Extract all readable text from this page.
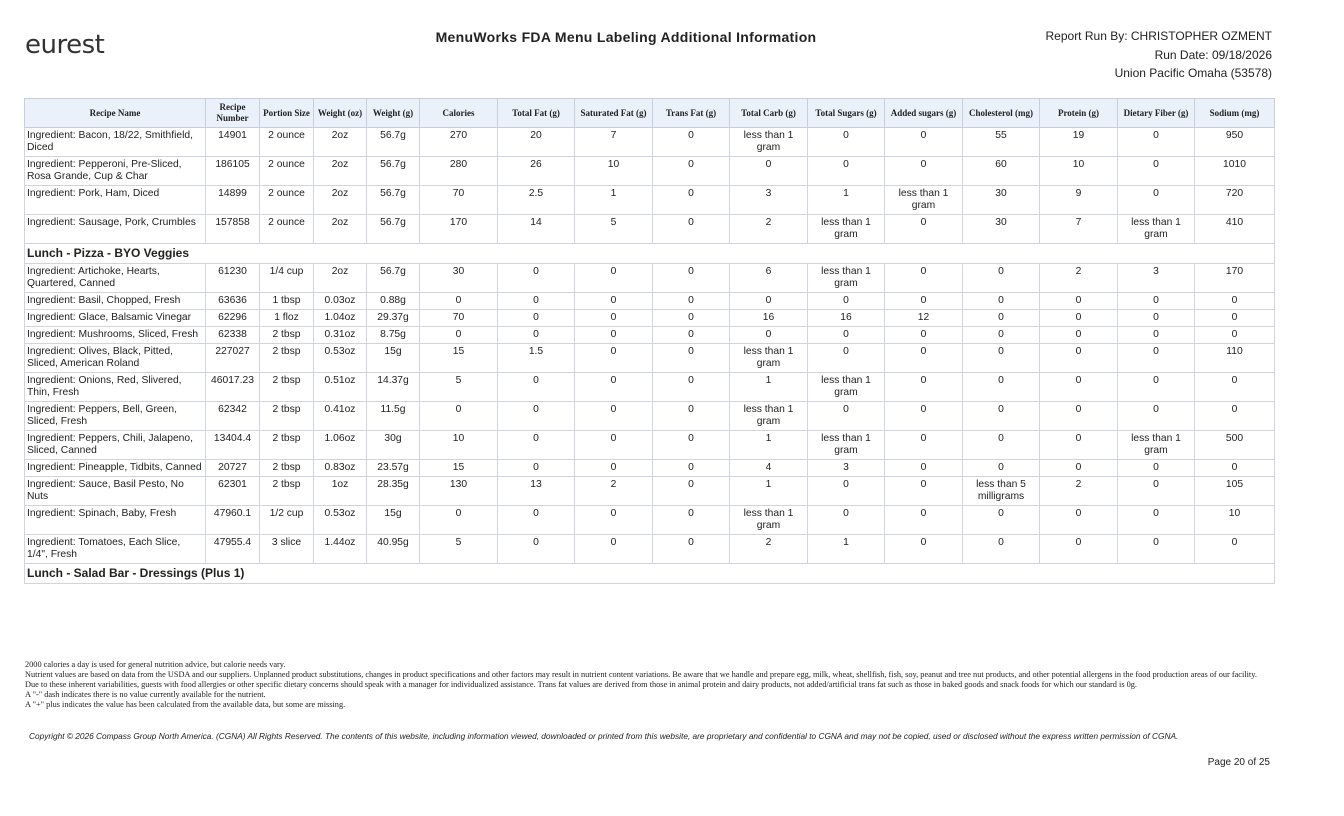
eurest	MenuWorks FDA Menu Labeling Additional Information	Report Run By: CHRISTOPHER OZMENT
Run Date: 09/18/2026
Union Pacific Omaha (53578)
Recipe Name	Recipe Number	Portion Size	Weight (oz)	Weight (g)	Calories	Total Fat (g)	Saturated Fat (g)	Trans Fat (g)	Total Carb (g)	Total Sugars (g)	Added sugars (g)	Cholesterol (mg)	Protein (g)	Dietary Fiber (g)	Sodium (mg)
Ingredient: Bacon, 18/22, Smithfield, Diced	14901	2 ounce	2oz	56.7g	270	20	7	0	less than 1 gram	0	0	55	19	0	950
Ingredient: Pepperoni, Pre-Sliced, Rosa Grande, Cup & Char	186105	2 ounce	2oz	56.7g	280	26	10	0	0	0	0	60	10	0	1010
Ingredient: Pork, Ham, Diced	14899	2 ounce	2oz	56.7g	70	2.5	1	0	3	1	less than 1 gram	30	9	0	720
Ingredient: Sausage, Pork, Crumbles	157858	2 ounce	2oz	56.7g	170	14	5	0	2	less than 1 gram	0	30	7	less than 1 gram	410
Lunch - Pizza - BYO Veggies															
Ingredient: Artichoke, Hearts, Quartered, Canned	61230	1/4 cup	2oz	56.7g	30	0	0	0	6	less than 1 gram	0	0	2	3	170
Ingredient: Basil, Chopped, Fresh	63636	1 tbsp	0.03oz	0.88g	0	0	0	0	0	0	0	0	0	0	0
Ingredient: Glace, Balsamic Vinegar	62296	1 floz	1.04oz	29.37g	70	0	0	0	16	16	12	0	0	0	0
Ingredient: Mushrooms, Sliced, Fresh	62338	2 tbsp	0.31oz	8.75g	0	0	0	0	0	0	0	0	0	0	0
Ingredient: Olives, Black, Pitted, Sliced, American Roland	227027	2 tbsp	0.53oz	15g	15	1.5	0	0	less than 1 gram	0	0	0	0	0	110
Ingredient: Onions, Red, Slivered, Thin, Fresh	46017.23	2 tbsp	0.51oz	14.37g	5	0	0	0	1	less than 1 gram	0	0	0	0	0
Ingredient: Peppers, Bell, Green, Sliced, Fresh	62342	2 tbsp	0.41oz	11.5g	0	0	0	0	less than 1 gram	0	0	0	0	0	0
Ingredient: Peppers, Chili, Jalapeno, Sliced, Canned	13404.4	2 tbsp	1.06oz	30g	10	0	0	0	1	less than 1 gram	0	0	0	less than 1 gram	500
Ingredient: Pineapple, Tidbits, Canned	20727	2 tbsp	0.83oz	23.57g	15	0	0	0	4	3	0	0	0	0	0
Ingredient: Sauce, Basil Pesto, No Nuts	62301	2 tbsp	1oz	28.35g	130	13	2	0	1	0	0	less than 5 milligrams	2	0	105
Ingredient: Spinach, Baby, Fresh	47960.1	1/2 cup	0.53oz	15g	0	0	0	0	less than 1 gram	0	0	0	0	0	10
Ingredient: Tomatoes, Each Slice, 1/4", Fresh	47955.4	3 slice	1.44oz	40.95g	5	0	0	0	2	1	0	0	0	0	0
Lunch - Salad Bar - Dressings (Plus 1)															
2000 calories a day is used for general nutrition advice, but calorie needs vary.
Nutrient values are based on data from the USDA and our suppliers. Unplanned product substitutions, changes in product specifications and other factors may result in nutrient content variations. Be aware that we handle and prepare egg, milk, wheat, shellfish, fish, soy, peanut and tree nut products, and other potential allergens in the food production areas of our facility. Due to these inherent variabilities, guests with food allergies or other specific dietary concerns should speak with a manager for individualized assistance. Trans fat values are derived from those in animal protein and dairy products, not added/artificial trans fat such as those in baked goods and snack foods for which our standard is 0g.
A "-" dash indicates there is no value currently available for the nutrient.
A "+" plus indicates the value has been calculated from the available data, but some are missing.
Copyright © 2026 Compass Group North America. (CGNA) All Rights Reserved. The contents of this website, including information viewed, downloaded or printed from this website, are proprietary and confidential to CGNA and may not be copied, used or disclosed without the express written permission of CGNA.
Page 20 of 25
